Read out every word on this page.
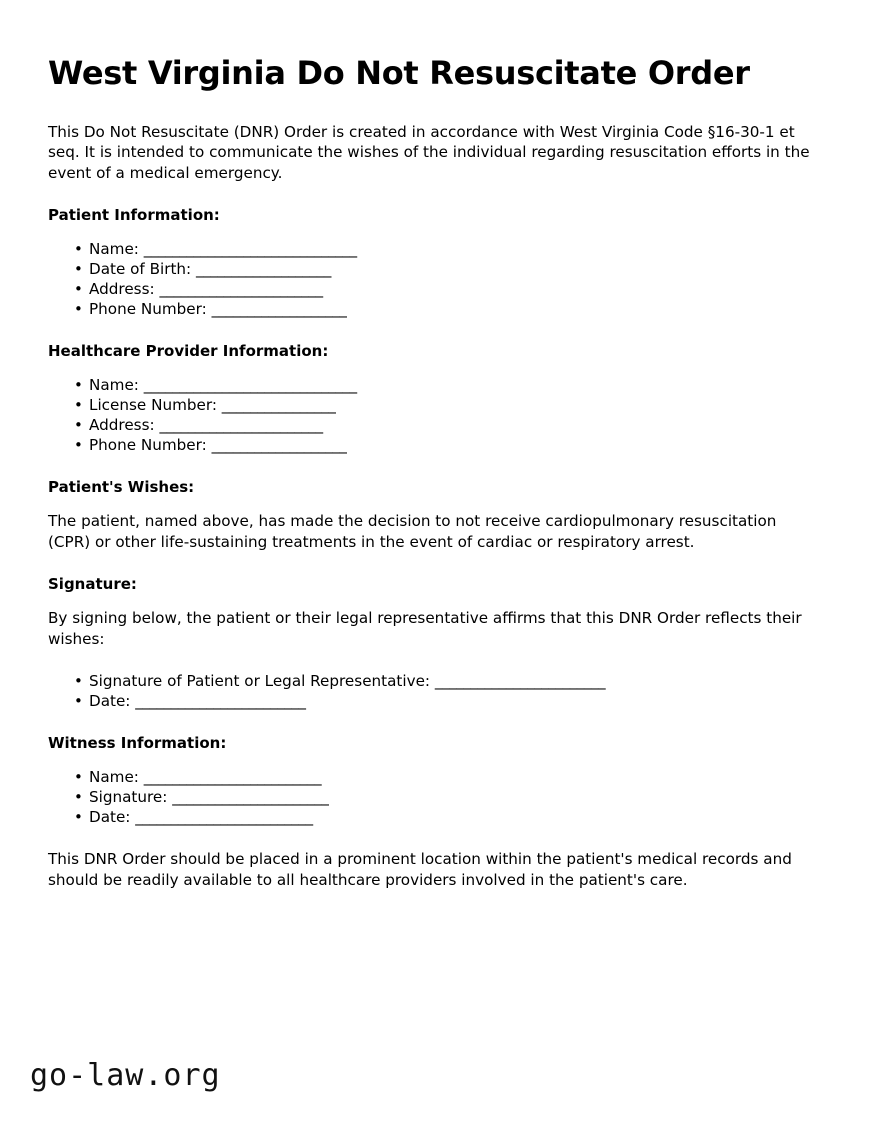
West Virginia Do Not Resuscitate Order

This Do Not Resuscitate (DNR) Order is created in accordance with West Virginia Code §16-30-1 et seq. It is intended to communicate the wishes of the individual regarding resuscitation efforts in the event of a medical emergency.

Patient Information:
• Name: ______________________________
• Date of Birth: ___________________
• Address: _______________________
• Phone Number: ___________________
Healthcare Provider Information:
• Name: ______________________________
• License Number: ________________
• Address: _______________________
• Phone Number: ___________________
Patient's Wishes:

The patient, named above, has made the decision to not receive cardiopulmonary resuscitation (CPR) or other life-sustaining treatments in the event of cardiac or respiratory arrest.

Signature:

By signing below, the patient or their legal representative affirms that this DNR Order reflects their wishes:

• Signature of Patient or Legal Representative: ________________________
• Date: ________________________
Witness Information:
• Name: _________________________
• Signature: ______________________
• Date: _________________________

This DNR Order should be placed in a prominent location within the patient's medical records and should be readily available to all healthcare providers involved in the patient's care.

go-law.org
